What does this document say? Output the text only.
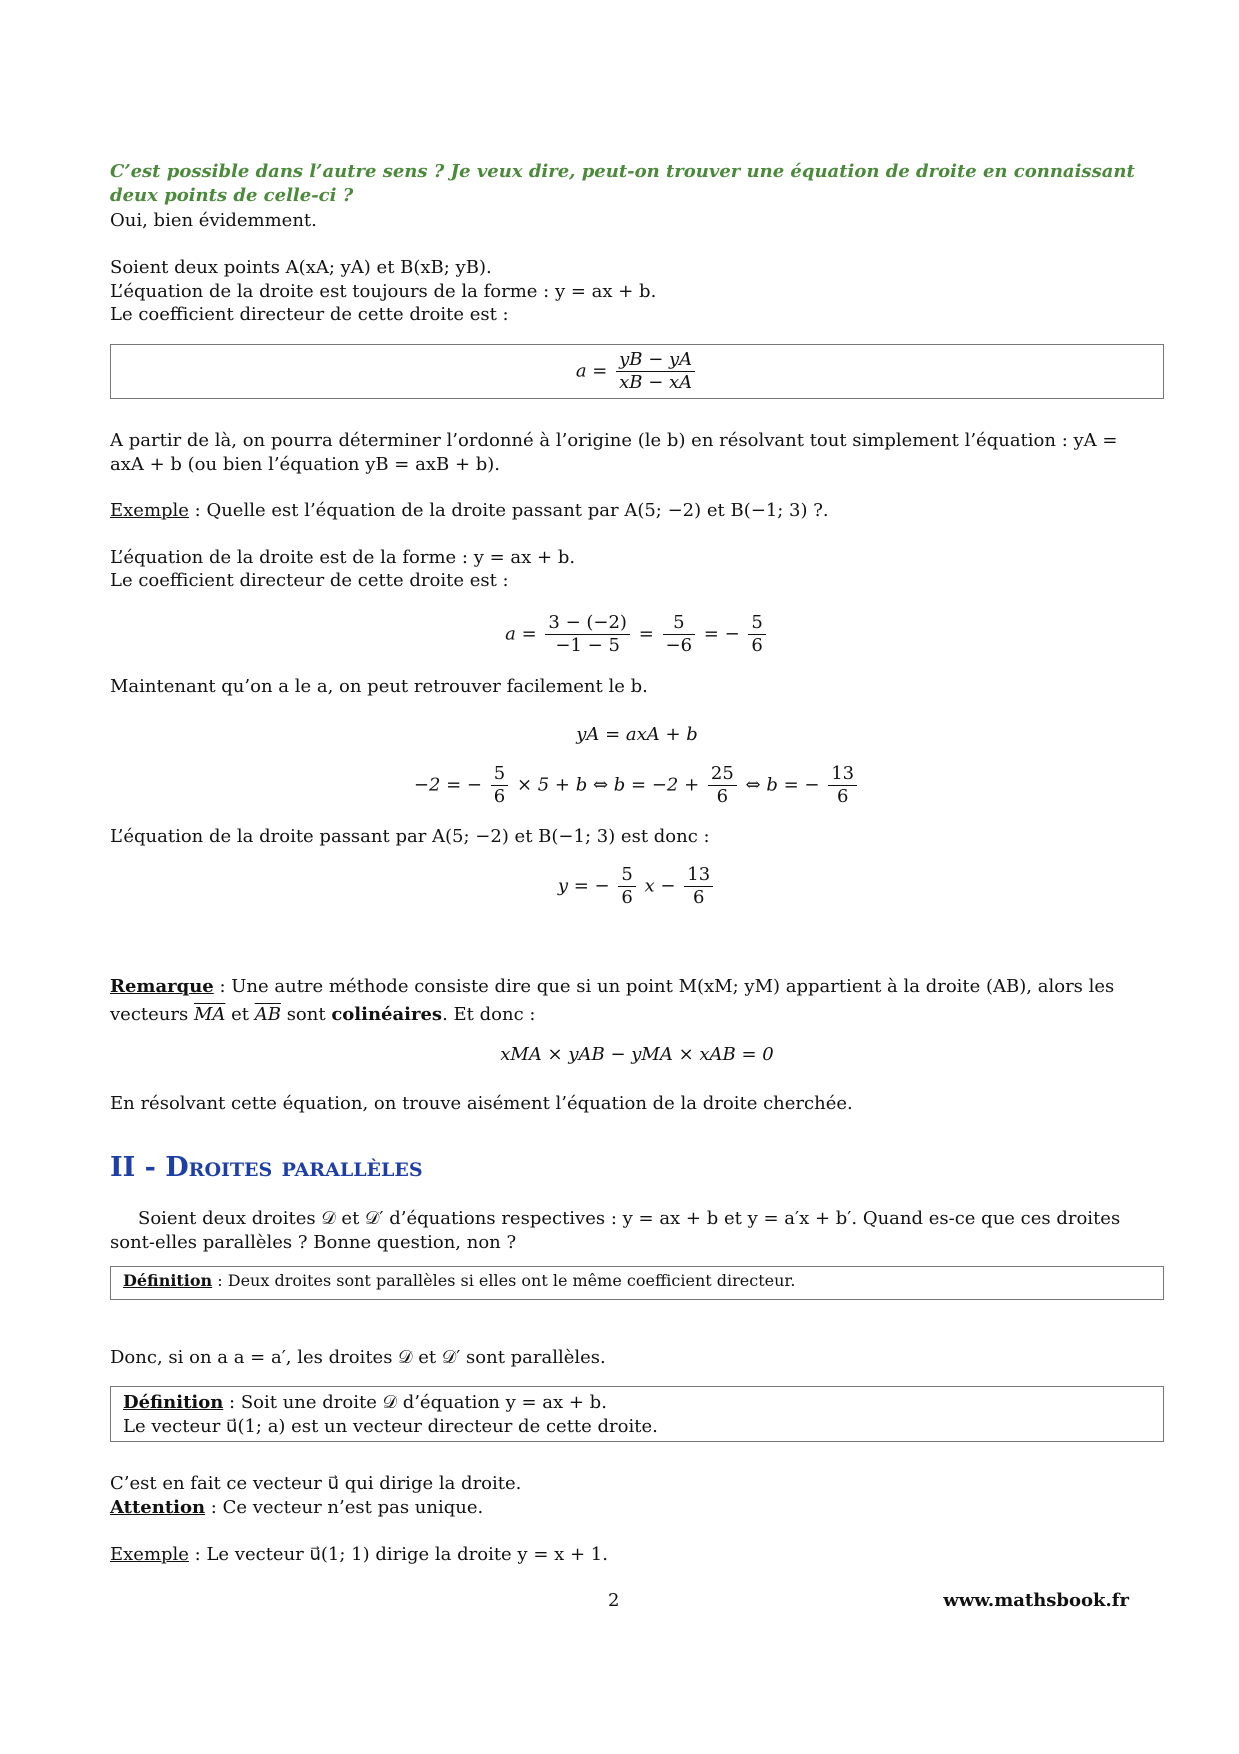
C’est possible dans l’autre sens ? Je veux dire, peut-on trouver une équation de droite en connaissant deux points de celle-ci ?
Oui, bien évidemment.
Soient deux points A(xA; yA) et B(xB; yB).
L’équation de la droite est toujours de la forme : y = ax + b.
Le coefficient directeur de cette droite est :
$a = \frac{yB - yA}{xB - xA}$
A partir de là, on pourra déterminer l’ordonné à l’origine (le b) en résolvant tout simplement l’équation : yA = axA + b (ou bien l’équation yB = axB + b).
Exemple : Quelle est l’équation de la droite passant par A(5; −2) et B(−1; 3) ?.
L’équation de la droite est de la forme : y = ax + b.
Le coefficient directeur de cette droite est :
$a = \frac{3 - (-2)}{-1 - 5} = \frac{5}{-6}$ = − $\frac{5}{6}$
Maintenant qu’on a le a, on peut retrouver facilement le b.
yA = axA + b
−2 = − $\frac{5}{6} \times 5 + b$ ⇔ $b = -2 + \frac{25}{6}$ ⇔ b = − $\frac{13}{6}$
L’équation de la droite passant par A(5; −2) et B(−1; 3) est donc :
y = − $\frac{5}{6}$ $x - \frac{13}{6}$
Remarque : Une autre méthode consiste dire que si un point M(xM; yM) appartient à la droite (AB), alors les vecteurs $\overline{MA}$ et $\overline{AB}$ sont colinéaires. Et donc :
xMA × yAB − yMA × xAB = 0
En résolvant cette équation, on trouve aisément l’équation de la droite cherchée.
II - Droites parallèles
Soient deux droites 𝒟 et 𝒟′ d’équations respectives : y = ax + b et y = a′x + b′. Quand es-ce que ces droites sont-elles parallèles ? Bonne question, non ?
Définition : Deux droites sont parallèles si elles ont le même coefficient directeur.
Donc, si on a a = a′, les droites 𝒟 et 𝒟′ sont parallèles.
Définition : Soit une droite 𝒟 d’équation y = ax + b.
Le vecteur u⃗(1; a) est un vecteur directeur de cette droite.
C’est en fait ce vecteur u⃗ qui dirige la droite.
Attention : Ce vecteur n’est pas unique.
Exemple : Le vecteur u⃗(1; 1) dirige la droite y = x + 1.
2	www.mathsbook.fr
